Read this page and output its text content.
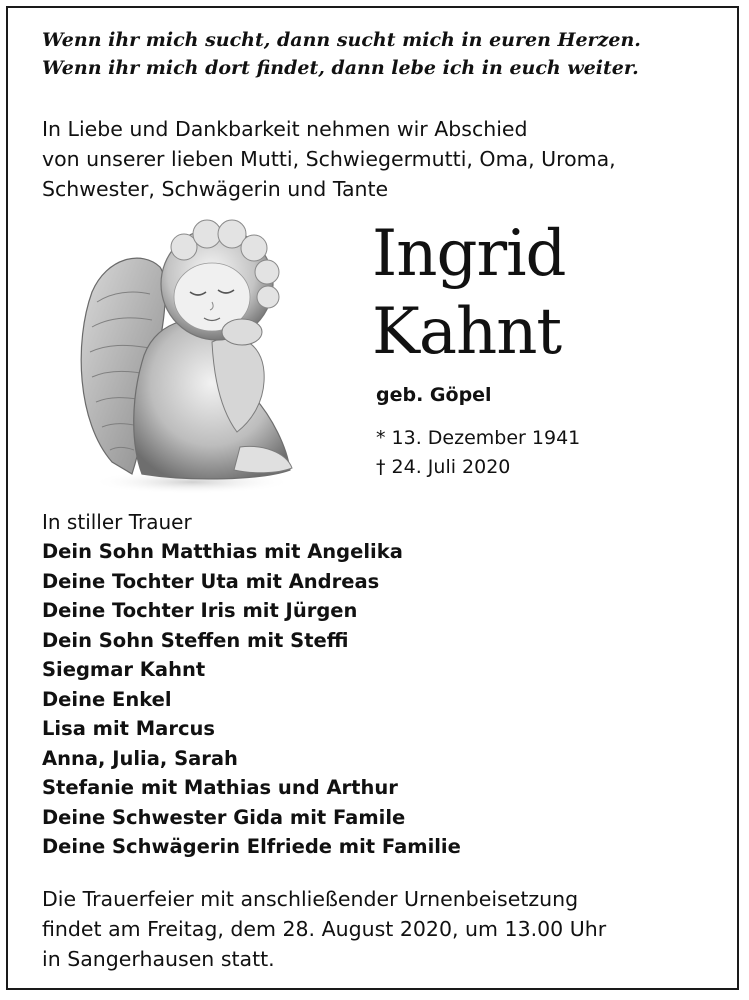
Wenn ihr mich sucht, dann sucht mich in euren Herzen.
Wenn ihr mich dort findet, dann lebe ich in euch weiter.
In Liebe und Dankbarkeit nehmen wir Abschied
von unserer lieben Mutti, Schwiegermutti, Oma, Uroma,
Schwester, Schwägerin und Tante
Ingrid
Kahnt
geb. Göpel
* 13. Dezember 1941
† 24. Juli 2020
In stiller Trauer
Dein Sohn Matthias mit Angelika
Deine Tochter Uta mit Andreas
Deine Tochter Iris mit Jürgen
Dein Sohn Steffen mit Steffi
Siegmar Kahnt
Deine Enkel
Lisa mit Marcus
Anna, Julia, Sarah
Stefanie mit Mathias und Arthur
Deine Schwester Gida mit Famile
Deine Schwägerin Elfriede mit Familie
Die Trauerfeier mit anschließender Urnenbeisetzung
findet am Freitag, dem 28. August 2020, um 13.00 Uhr
in Sangerhausen statt.
